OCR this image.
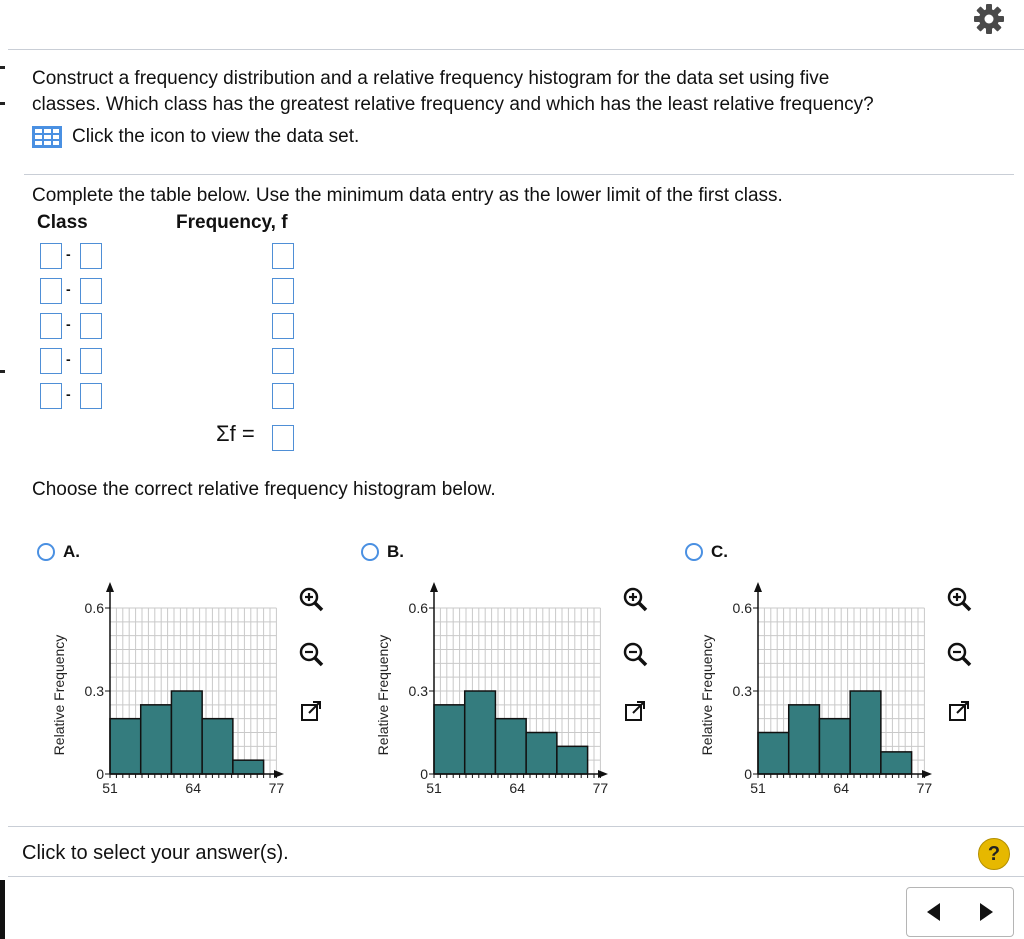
Construct a frequency distribution and a relative frequency histogram for the data set using five
classes. Which class has the greatest relative frequency and which has the least relative frequency?
Click the icon to view the data set.
Complete the table below. Use the minimum data entry as the lower limit of the first class.
Class	Frequency, f
-
-
-
-
-
Σf =
Choose the correct relative frequency histogram below.
A.
0
0.3
0.6
51	64	77
Relative Frequency
B.
0
0.3
0.6
51	64	77
Relative Frequency
C.
0
0.3
0.6
51	64	77
Relative Frequency
Click to select your answer(s).	?
